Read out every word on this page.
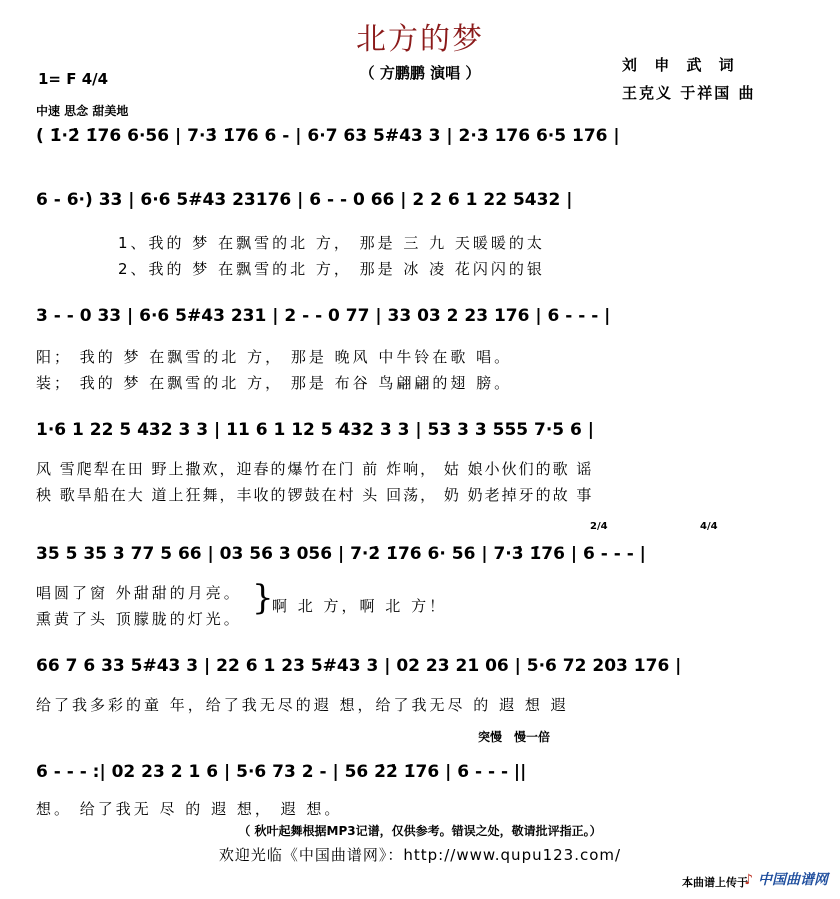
北方的梦
（ 方鹏鹏 演唱 ）	刘 申 武 词
王克义 于祥国 曲
1= F 4/4
中速 思念 甜美地
( 1̇·2̇ 1̇76 6·56 | 7·3̇ 1̇76 6 - | 6·7 63 5#43 3 | 2·3 176 6·5 176 |
6 - 6·) 33 | 6·6 5#43 23176 | 6 - - 0 66 | 2 2 6 1 22 5432 |
1、我的 梦 在飘雪的北 方， 那是 三 九 天暖暖的太
2、我的 梦 在飘雪的北 方， 那是 冰 凌 花闪闪的银
3 - - 0 33 | 6·6 5#43 231 | 2 - - 0 77 | 33 03 2 23 176 | 6 - - - |
阳； 我的 梦 在飘雪的北 方， 那是 晚风 中牛铃在歌 唱。
装； 我的 梦 在飘雪的北 方， 那是 布谷 鸟翩翩的翅 膀。
1·6 1 22 5 432 3 3 | 11 6 1 12 5 432 3 3 | 53 3 3 555 7·5 6 |
风 雪爬犁在田 野上撒欢，迎春的爆竹在门 前 炸响， 姑 娘小伙们的歌 谣
秧 歌旱船在大 道上狂舞，丰收的锣鼓在村 头 回荡， 奶 奶老掉牙的故 事
2/4	4/4
35 5 35 3 77 5 66 | 03 56 3 056 | 7·2̇ 1̇76 6· 56 | 7·3̇ 1̇76 | 6 - - - |
唱圆了窗 外甜甜的月亮。
熏黄了头 顶朦胧的灯光。
}
啊 北 方，啊 北 方！
66 7 6 33 5#43 3 | 22 6 1 23 5#43 3 | 02 23 21 06 | 5·6 72 203 176 |
给了我多彩的童 年，给了我无尽的遐 想，给了我无尽 的 遐 想 遐
突慢 慢一倍
6 - - - :| 02 23 2 1 6 | 5·6 73 2 - | 56 2̇2̇ 1̇76 | 6 - - - ||
想。 给了我无 尽 的 遐 想， 遐 想。
（ 秋叶起舞根据MP3记谱，仅供参考。错误之处，敬请批评指正。）
欢迎光临《中国曲谱网》：http://www.qupu123.com/
本曲谱上传于
♪ 中国曲谱网
